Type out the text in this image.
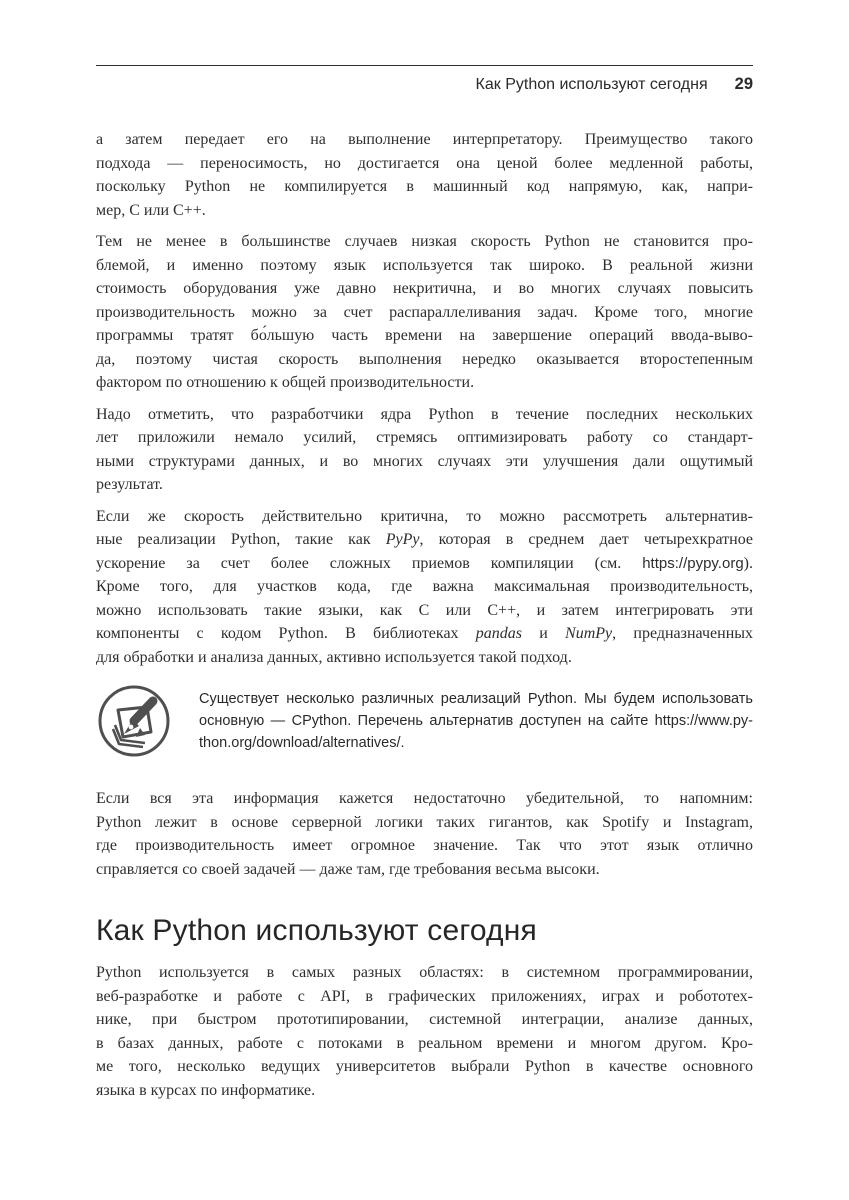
Как Python используют сегодня 29
а затем передает его на выполнение интерпретатору. Преимущество такого
подхода — переносимость, но достигается она ценой более медленной работы,
поскольку Python не компилируется в машинный код напрямую, как, напри-
мер, C или C++.
Тем не менее в большинстве случаев низкая скорость Python не становится про-
блемой, и именно поэтому язык используется так широко. В реальной жизни
стоимость оборудования уже давно некритична, и во многих случаях повысить
производительность можно за счет распараллеливания задач. Кроме того, многие
программы тратят бо́льшую часть времени на завершение операций ввода-выво-
да, поэтому чистая скорость выполнения нередко оказывается второстепенным
фактором по отношению к общей производительности.
Надо отметить, что разработчики ядра Python в течение последних нескольких
лет приложили немало усилий, стремясь оптимизировать работу со стандарт-
ными структурами данных, и во многих случаях эти улучшения дали ощутимый
результат.
Если же скорость действительно критична, то можно рассмотреть альтернатив-
ные реализации Python, такие как PyPy, которая в среднем дает четырехкратное
ускорение за счет более сложных приемов компиляции (см. https://pypy.org).
Кроме того, для участков кода, где важна максимальная производительность,
можно использовать такие языки, как C или C++, и затем интегрировать эти
компоненты с кодом Python. В библиотеках pandas и NumPy, предназначенных
для обработки и анализа данных, активно используется такой подход.
Существует несколько различных реализаций Python. Мы будем использовать
основную — CPython. Перечень альтернатив доступен на сайте https://www.py-
thon.org/download/alternatives/.
Если вся эта информация кажется недостаточно убедительной, то напомним:
Python лежит в основе серверной логики таких гигантов, как Spotify и Instagram,
где производительность имеет огромное значение. Так что этот язык отлично
справляется со своей задачей — даже там, где требования весьма высоки.
Как Python используют сегодня
Python используется в самых разных областях: в системном программировании,
веб-разработке и работе с API, в графических приложениях, играх и робототех-
нике, при быстром прототипировании, системной интеграции, анализе данных,
в базах данных, работе с потоками в реальном времени и многом другом. Кро-
ме того, несколько ведущих университетов выбрали Python в качестве основного
языка в курсах по информатике.
